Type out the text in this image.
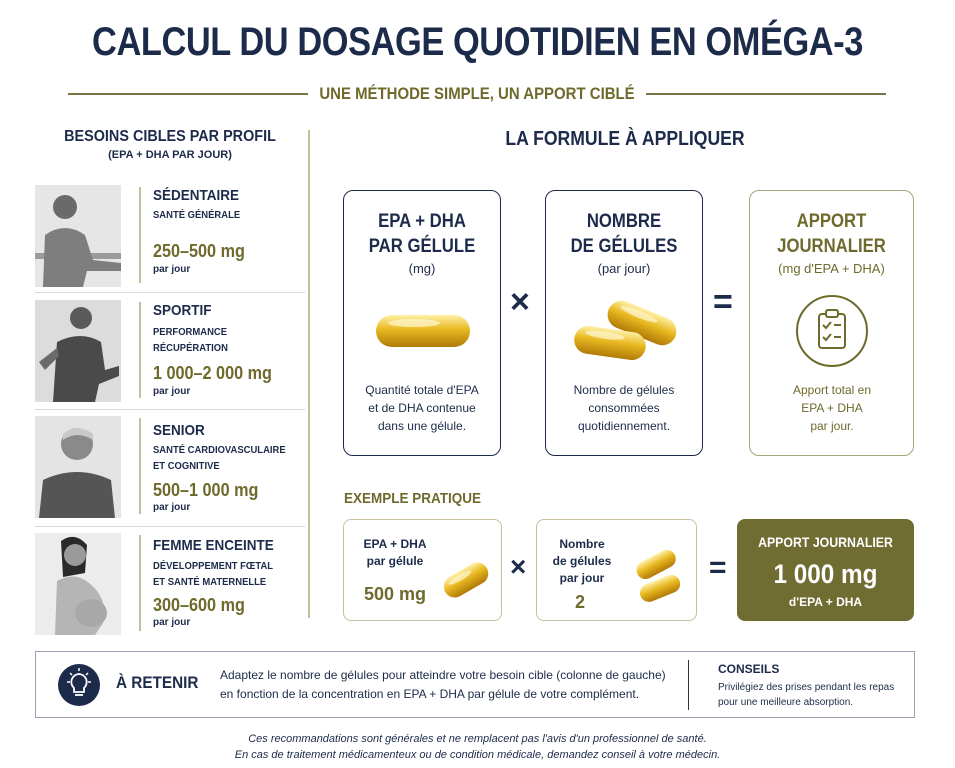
CALCUL DU DOSAGE QUOTIDIEN EN OMÉGA-3
UNE MÉTHODE SIMPLE, UN APPORT CIBLÉ
BESOINS CIBLES PAR PROFIL
(EPA + DHA PAR JOUR)
SÉDENTAIRE
SANTÉ GÉNÉRALE
250–500 mg
par jour
SPORTIF
PERFORMANCE
RÉCUPÉRATION
1 000–2 000 mg
par jour
SENIOR
SANTÉ CARDIOVASCULAIRE
ET COGNITIVE
500–1 000 mg
par jour
FEMME ENCEINTE
DÉVELOPPEMENT FŒTAL
ET SANTÉ MATERNELLE
300–600 mg
par jour
LA FORMULE À APPLIQUER
EPA + DHA
PAR GÉLULE
(mg)
Quantité totale d'EPA
et de DHA contenue
dans une gélule.
×
NOMBRE
DE GÉLULES
(par jour)
Nombre de gélules
consommées
quotidiennement.
=
APPORT
JOURNALIER
(mg d'EPA + DHA)
Apport total en
EPA + DHA
par jour.
EXEMPLE PRATIQUE
EPA + DHA
par gélule
500 mg
×
Nombre
de gélules
par jour
2
=
APPORT JOURNALIER
1 000 mg
d'EPA + DHA
À RETENIR Adaptez le nombre de gélules pour atteindre votre besoin cible (colonne de gauche)
en fonction de la concentration en EPA + DHA par gélule de votre complément.
CONSEILS
Privilégiez des prises pendant les repas
pour une meilleure absorption.
Ces recommandations sont générales et ne remplacent pas l'avis d'un professionnel de santé.
En cas de traitement médicamenteux ou de condition médicale, demandez conseil à votre médecin.
